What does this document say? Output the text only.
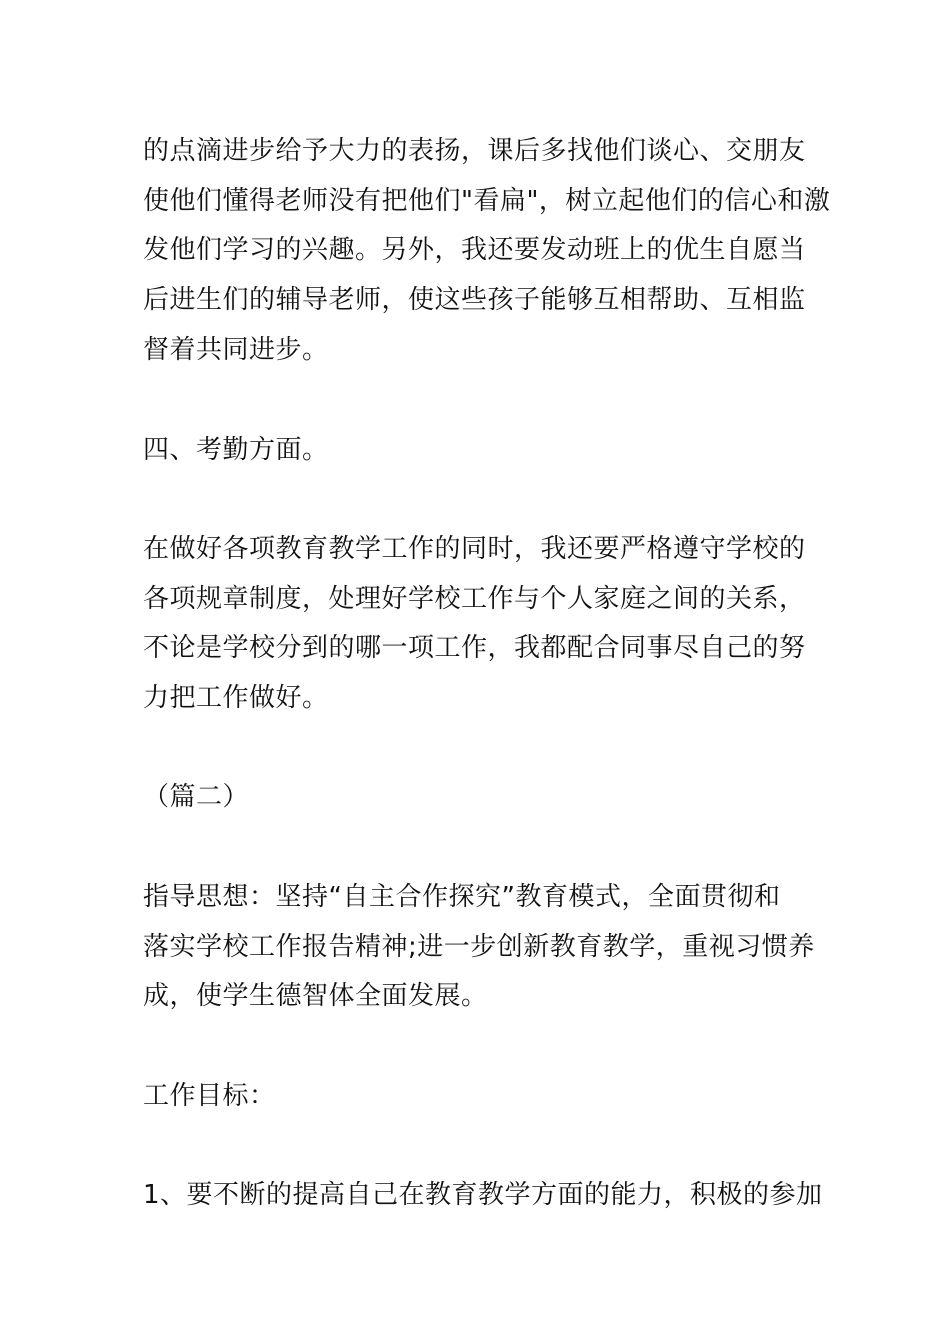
的点滴进步给予大力的表扬，课后多找他们谈心、交朋友

使他们懂得老师没有把他们"看扁"，树立起他们的信心和激

发他们学习的兴趣。另外，我还要发动班上的优生自愿当

后进生们的辅导老师，使这些孩子能够互相帮助、互相监

督着共同进步。

四、考勤方面。

在做好各项教育教学工作的同时，我还要严格遵守学校的

各项规章制度，处理好学校工作与个人家庭之间的关系，

不论是学校分到的哪一项工作，我都配合同事尽自己的努

力把工作做好。

（篇二）

指导思想：坚持“自主合作探究”教育模式，全面贯彻和

落实学校工作报告精神;进一步创新教育教学，重视习惯养

成，使学生德智体全面发展。

工作目标：

1、要不断的提高自己在教育教学方面的能力，积极的参加
